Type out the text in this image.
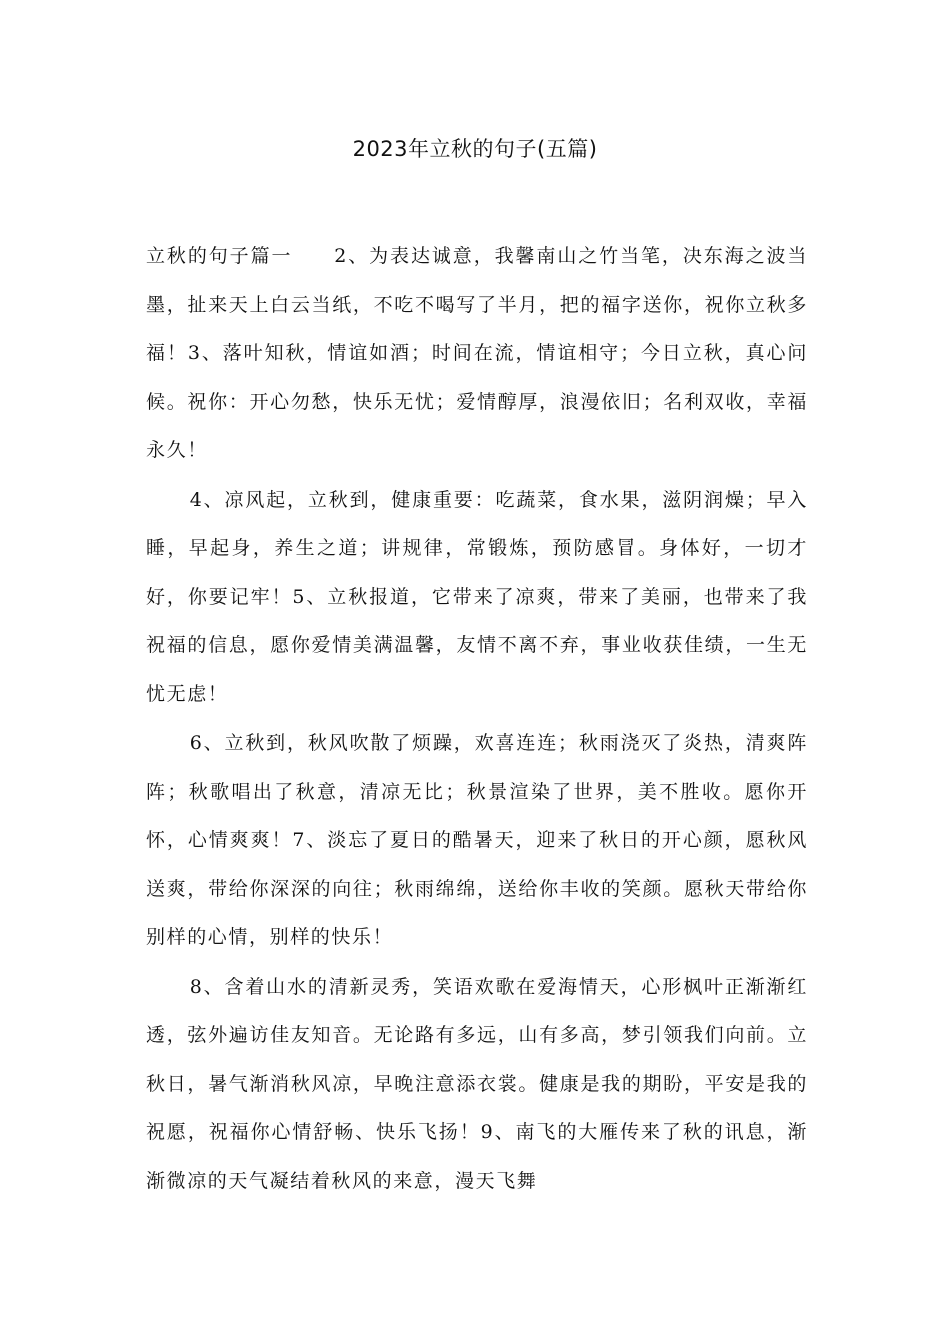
2023年立秋的句子(五篇)

立秋的句子篇一　　2、为表达诚意，我馨南山之竹当笔，决东海之波当墨，扯来天上白云当纸，不吃不喝写了半月，把的福字送你，祝你立秋多福！3、落叶知秋，情谊如酒；时间在流，情谊相守；今日立秋，真心问候。祝你：开心勿愁，快乐无忧；爱情醇厚，浪漫依旧；名利双收，幸福永久！

4、凉风起，立秋到，健康重要：吃蔬菜，食水果，滋阴润燥；早入睡，早起身，养生之道；讲规律，常锻炼，预防感冒。身体好，一切才好，你要记牢！5、立秋报道，它带来了凉爽，带来了美丽，也带来了我祝福的信息，愿你爱情美满温馨，友情不离不弃，事业收获佳绩，一生无忧无虑！

6、立秋到，秋风吹散了烦躁，欢喜连连；秋雨浇灭了炎热，清爽阵阵；秋歌唱出了秋意，清凉无比；秋景渲染了世界，美不胜收。愿你开怀，心情爽爽！7、淡忘了夏日的酷暑天，迎来了秋日的开心颜，愿秋风送爽，带给你深深的向往；秋雨绵绵，送给你丰收的笑颜。愿秋天带给你别样的心情，别样的快乐！

8、含着山水的清新灵秀，笑语欢歌在爱海情天，心形枫叶正渐渐红透，弦外遍访佳友知音。无论路有多远，山有多高，梦引领我们向前。立秋日，暑气渐消秋风凉，早晚注意添衣裳。健康是我的期盼，平安是我的祝愿，祝福你心情舒畅、快乐飞扬！9、南飞的大雁传来了秋的讯息，渐渐微凉的天气凝结着秋风的来意，漫天飞舞
